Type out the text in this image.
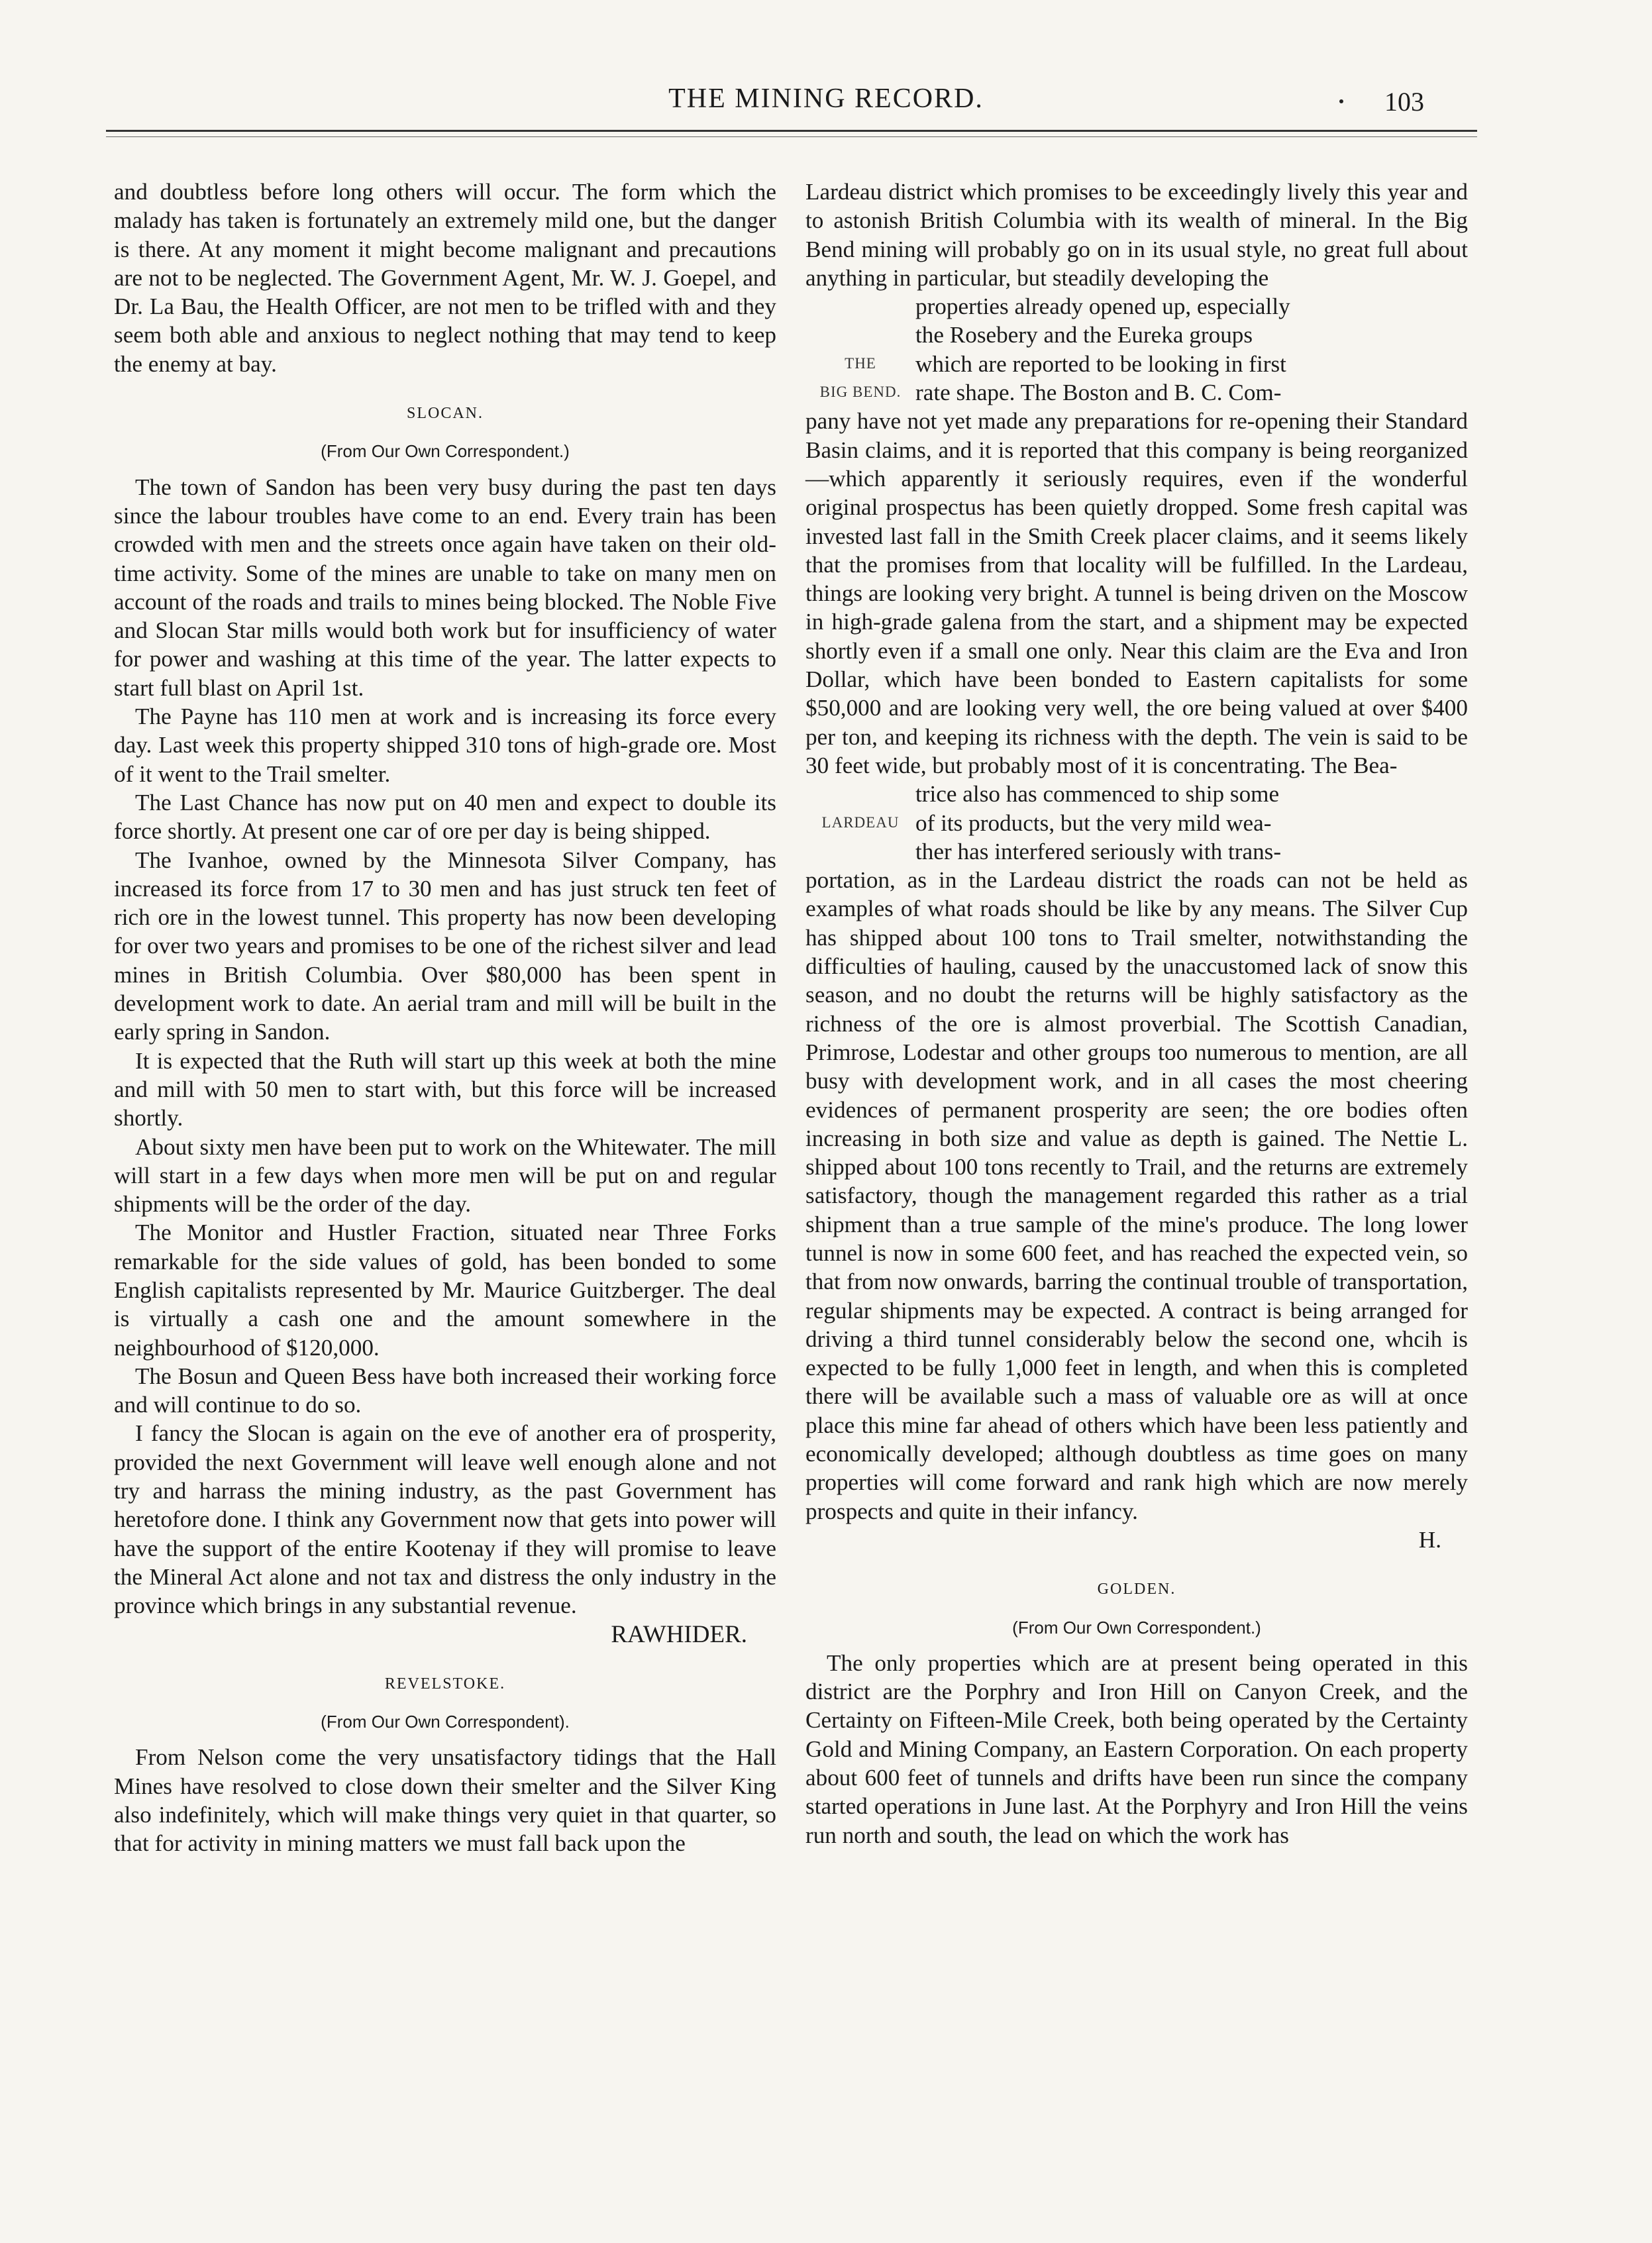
THE MINING RECORD.	103

and doubtless before long others will occur. The form which the malady has taken is fortunately an extremely mild one, but the danger is there. At any moment it might become malignant and precautions are not to be neglected. The Government Agent, Mr. W. J. Goepel, and Dr. La Bau, the Health Officer, are not men to be trifled with and they seem both able and anxious to neglect nothing that may tend to keep the enemy at bay.

SLOCAN.
(From Our Own Correspondent.)

The town of Sandon has been very busy during the past ten days since the labour troubles have come to an end. Every train has been crowded with men and the streets once again have taken on their old-time activity. Some of the mines are unable to take on many men on account of the roads and trails to mines being blocked. The Noble Five and Slocan Star mills would both work but for insufficiency of water for power and washing at this time of the year. The latter expects to start full blast on April 1st.

The Payne has 110 men at work and is increasing its force every day. Last week this property shipped 310 tons of high-grade ore. Most of it went to the Trail smelter.

The Last Chance has now put on 40 men and expect to double its force shortly. At present one car of ore per day is being shipped.

The Ivanhoe, owned by the Minnesota Silver Company, has increased its force from 17 to 30 men and has just struck ten feet of rich ore in the lowest tunnel. This property has now been developing for over two years and promises to be one of the richest silver and lead mines in British Columbia. Over $80,000 has been spent in development work to date. An aerial tram and mill will be built in the early spring in Sandon.

It is expected that the Ruth will start up this week at both the mine and mill with 50 men to start with, but this force will be increased shortly.

About sixty men have been put to work on the Whitewater. The mill will start in a few days when more men will be put on and regular shipments will be the order of the day.

The Monitor and Hustler Fraction, situated near Three Forks remarkable for the side values of gold, has been bonded to some English capitalists represented by Mr. Maurice Guitzberger. The deal is virtually a cash one and the amount somewhere in the neighbourhood of $120,000.

The Bosun and Queen Bess have both increased their working force and will continue to do so.

I fancy the Slocan is again on the eve of another era of prosperity, provided the next Government will leave well enough alone and not try and harrass the mining industry, as the past Government has heretofore done. I think any Government now that gets into power will have the support of the entire Kootenay if they will promise to leave the Mineral Act alone and not tax and distress the only industry in the province which brings in any substantial revenue.

RAWHIDER.

REVELSTOKE.
(From Our Own Correspondent).

From Nelson come the very unsatisfactory tidings that the Hall Mines have resolved to close down their smelter and the Silver King also indefinitely, which will make things very quiet in that quarter, so that for activity in mining matters we must fall back upon the

Lardeau district which promises to be exceedingly lively this year and to astonish British Columbia with its wealth of mineral. In the Big Bend mining will probably go on in its usual style, no great full about anything in particular, but steadily developing the

THE
BIG BEND.

properties already opened up, especially

the Rosebery and the Eureka groups

which are reported to be looking in first

rate shape. The Boston and B. C. Com-

pany have not yet made any preparations for re-opening their Standard Basin claims, and it is reported that this company is being reorganized—which apparently it seriously requires, even if the wonderful original prospectus has been quietly dropped. Some fresh capital was invested last fall in the Smith Creek placer claims, and it seems likely that the promises from that locality will be fulfilled. In the Lardeau, things are looking very bright. A tunnel is being driven on the Moscow in high-grade galena from the start, and a shipment may be expected shortly even if a small one only. Near this claim are the Eva and Iron Dollar, which have been bonded to Eastern capitalists for some $50,000 and are looking very well, the ore being valued at over $400 per ton, and keeping its richness with the depth. The vein is said to be 30 feet wide, but probably most of it is concentrating. The Bea-

LARDEAU

trice also has commenced to ship some

of its products, but the very mild wea-

ther has interfered seriously with trans-

portation, as in the Lardeau district the roads can not be held as examples of what roads should be like by any means. The Silver Cup has shipped about 100 tons to Trail smelter, notwithstanding the difficulties of hauling, caused by the unaccustomed lack of snow this season, and no doubt the returns will be highly satisfactory as the richness of the ore is almost proverbial. The Scottish Canadian, Primrose, Lodestar and other groups too numerous to mention, are all busy with development work, and in all cases the most cheering evidences of permanent prosperity are seen; the ore bodies often increasing in both size and value as depth is gained. The Nettie L. shipped about 100 tons recently to Trail, and the returns are extremely satisfactory, though the management regarded this rather as a trial shipment than a true sample of the mine's produce. The long lower tunnel is now in some 600 feet, and has reached the expected vein, so that from now onwards, barring the continual trouble of transportation, regular shipments may be expected. A contract is being arranged for driving a third tunnel considerably below the second one, whcih is expected to be fully 1,000 feet in length, and when this is completed there will be available such a mass of valuable ore as will at once place this mine far ahead of others which have been less patiently and economically developed; although doubtless as time goes on many properties will come forward and rank high which are now merely prospects and quite in their infancy.

H.

GOLDEN.
(From Our Own Correspondent.)

The only properties which are at present being operated in this district are the Porphry and Iron Hill on Canyon Creek, and the Certainty on Fifteen-Mile Creek, both being operated by the Certainty Gold and Mining Company, an Eastern Corporation. On each property about 600 feet of tunnels and drifts have been run since the company started operations in June last. At the Porphyry and Iron Hill the veins run north and south, the lead on which the work has
